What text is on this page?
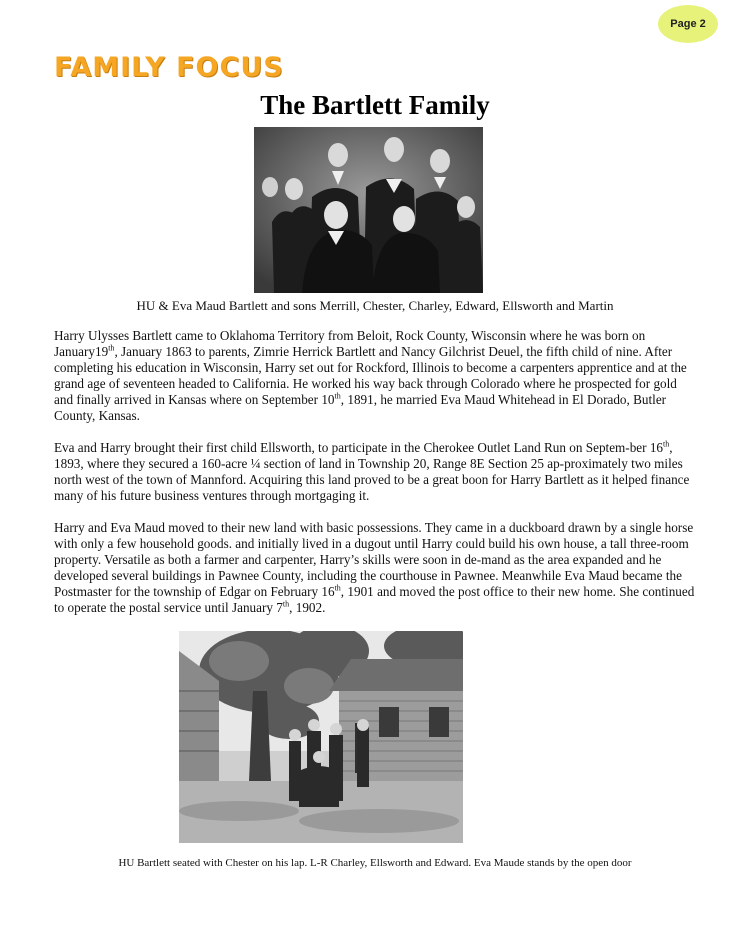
Page 2
FAMILY FOCUS
The Bartlett Family
HU & Eva Maud Bartlett and sons Merrill, Chester, Charley, Edward, Ellsworth and Martin

Harry Ulysses Bartlett came to Oklahoma Territory from Beloit, Rock County, Wisconsin where he was born on January19th, January 1863 to parents, Zimrie Herrick Bartlett and Nancy Gilchrist Deuel, the fifth child of nine. After completing his education in Wisconsin, Harry set out for Rockford, Illinois to become a carpenters apprentice and at the grand age of seventeen headed to California. He worked his way back through Colorado where he prospected for gold and finally arrived in Kansas where on September 10th, 1891, he married Eva Maud Whitehead in El Dorado, Butler County, Kansas.

Eva and Harry brought their first child Ellsworth, to participate in the Cherokee Outlet Land Run on Septem-ber 16th, 1893, where they secured a 160-acre ¼ section of land in Township 20, Range 8E Section 25 ap-proximately two miles north west of the town of Mannford. Acquiring this land proved to be a great boon for Harry Bartlett as it helped finance many of his future business ventures through mortgaging it.

Harry and Eva Maud moved to their new land with basic possessions. They came in a duckboard drawn by a single horse with only a few household goods. and initially lived in a dugout until Harry could build his own house, a tall three-room property. Versatile as both a farmer and carpenter, Harry’s skills were soon in de-mand as the area expanded and he developed several buildings in Pawnee County, including the courthouse in Pawnee. Meanwhile Eva Maud became the Postmaster for the township of Edgar on February 16th, 1901 and moved the post office to their new home. She continued to operate the postal service until January 7th, 1902.

HU Bartlett seated with Chester on his lap. L-R Charley, Ellsworth and Edward. Eva Maude stands by the open door
